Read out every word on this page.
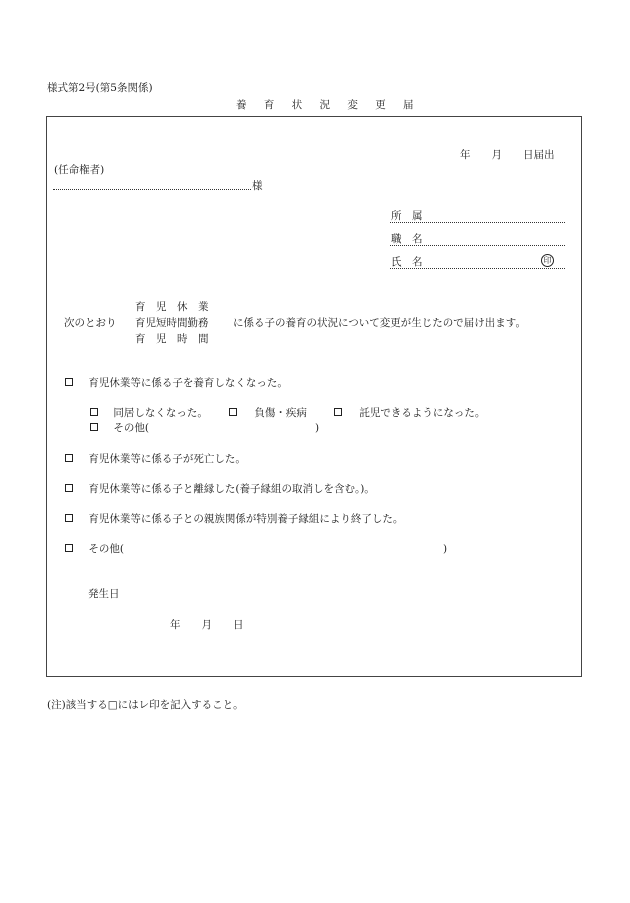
様式第2号(第5条関係)
養 育 状 況 変 更 届
年　　月　　日届出
(任命権者)
様
所　属
職　名
氏　名	印
次のとおり
育　児　休　業
育児短時間勤務
育　児　時　間
に係る子の養育の状況について変更が生じたので届け出ます。
育児休業等に係る子を養育しなくなった。
同居しなくなった。	負傷・疾病	託児できるようになった。
その他(	)
育児休業等に係る子が死亡した。
育児休業等に係る子と離縁した(養子縁組の取消しを含む。)。
育児休業等に係る子との親族関係が特別養子縁組により終了した。
その他(	)
発生日
年　　月　　日
(注)該当する□にはレ印を記入すること。
